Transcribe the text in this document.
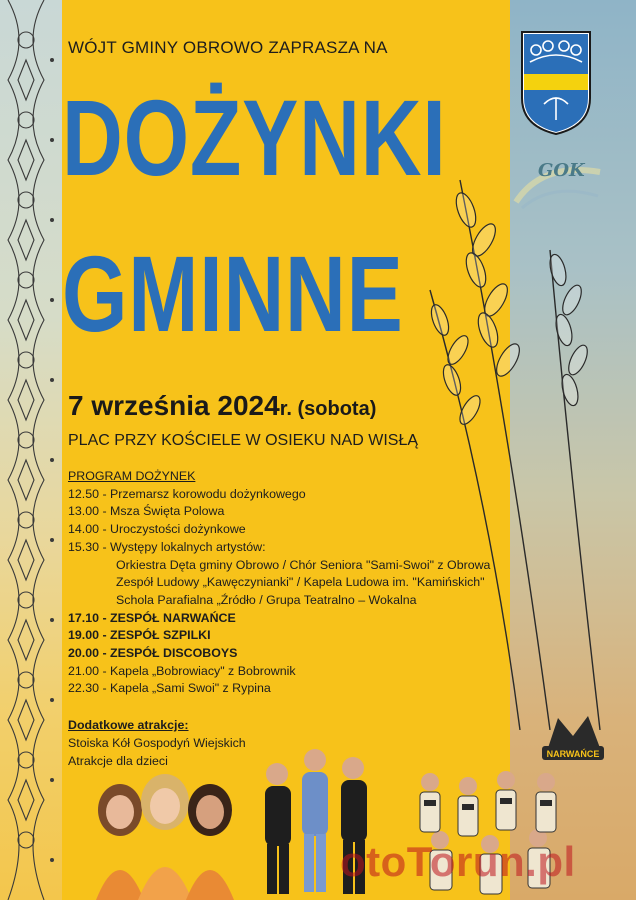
WÓJT GMINY OBROWO ZAPRASZA NA
DOŻYNKI
GMINNE
7 września 2024r. (sobota)
PLAC PRZY KOŚCIELE W OSIEKU NAD WISŁĄ
PROGRAM DOŻYNEK
12.50 - Przemarsz korowodu dożynkowego
13.00 - Msza Święta Polowa
14.00 - Uroczystości dożynkowe
15.30 - Występy lokalnych artystów:
Orkiestra Dęta gminy Obrowo / Chór Seniora "Sami-Swoi" z Obrowa
Zespół Ludowy „Kawęczynianki" / Kapela Ludowa im. "Kamińskich"
Schola Parafialna „Źródło / Grupa Teatralno – Wokalna
17.10 - ZESPÓŁ NARWAŃCE
19.00 - ZESPÓŁ SZPILKI
20.00 - ZESPÓŁ DISCOBOYS
21.00 - Kapela „Bobrowiacy" z Bobrownik
22.30 - Kapela „Sami Swoi" z Rypina
Dodatkowe atrakcje:
Stoiska Kół Gospodyń Wiejskich
Atrakcje dla dzieci
GOK
NARWAŃCE
otoTorun.pl
